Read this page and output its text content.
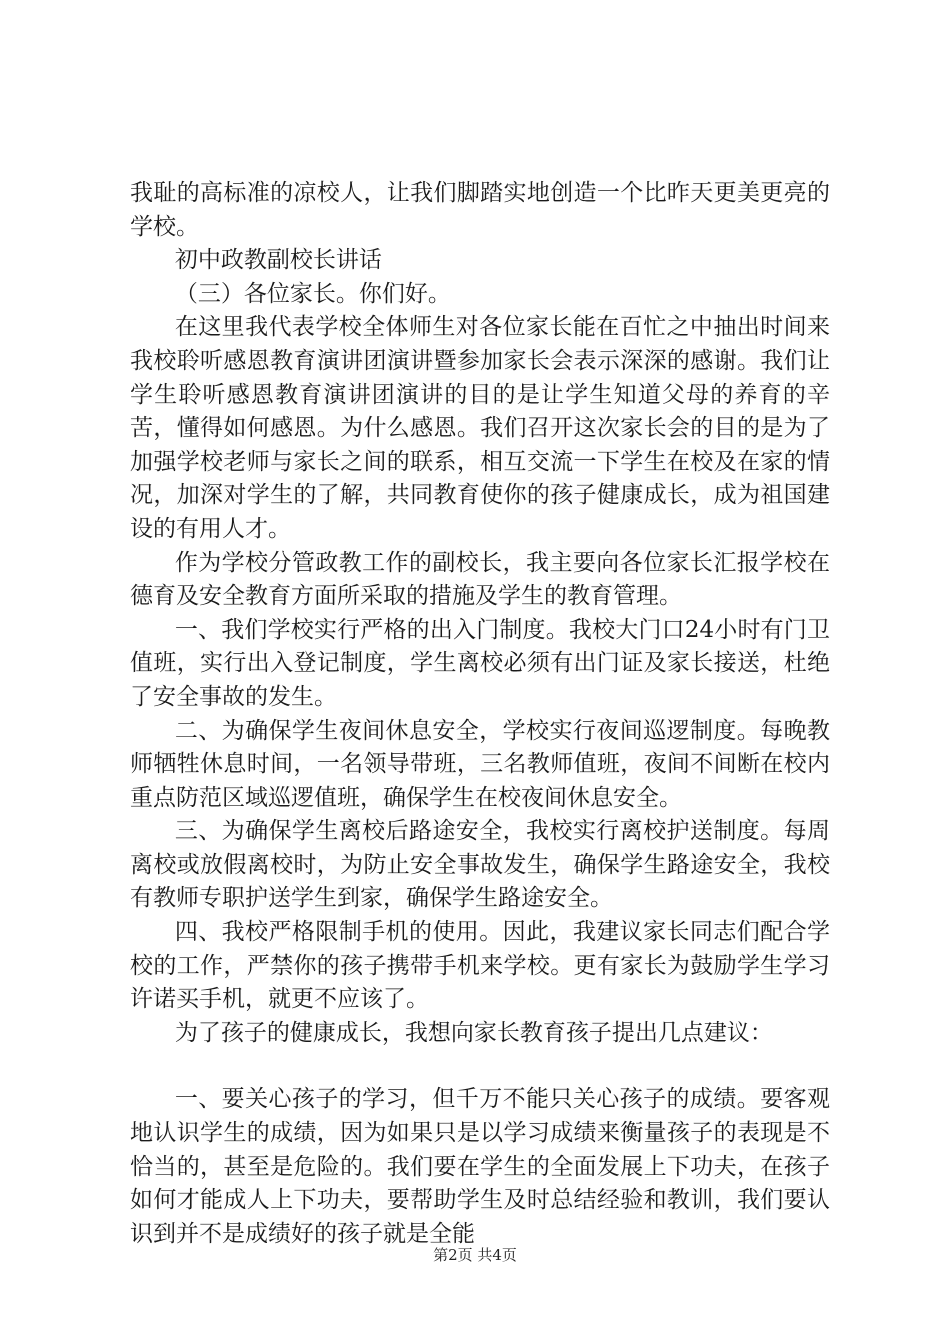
我耻的高标准的凉校人，让我们脚踏实地创造一个比昨天更美更亮的学校。

初中政教副校长讲话

（三）各位家长。你们好。

在这里我代表学校全体师生对各位家长能在百忙之中抽出时间来我校聆听感恩教育演讲团演讲暨参加家长会表示深深的感谢。我们让学生聆听感恩教育演讲团演讲的目的是让学生知道父母的养育的辛苦，懂得如何感恩。为什么感恩。我们召开这次家长会的目的是为了加强学校老师与家长之间的联系，相互交流一下学生在校及在家的情况，加深对学生的了解，共同教育使你的孩子健康成长，成为祖国建设的有用人才。

作为学校分管政教工作的副校长，我主要向各位家长汇报学校在德育及安全教育方面所采取的措施及学生的教育管理。

一、我们学校实行严格的出入门制度。我校大门口24小时有门卫值班，实行出入登记制度，学生离校必须有出门证及家长接送，杜绝了安全事故的发生。

二、为确保学生夜间休息安全，学校实行夜间巡逻制度。每晚教师牺牲休息时间，一名领导带班，三名教师值班，夜间不间断在校内重点防范区域巡逻值班，确保学生在校夜间休息安全。

三、为确保学生离校后路途安全，我校实行离校护送制度。每周离校或放假离校时，为防止安全事故发生，确保学生路途安全，我校有教师专职护送学生到家，确保学生路途安全。

四、我校严格限制手机的使用。因此，我建议家长同志们配合学校的工作，严禁你的孩子携带手机来学校。更有家长为鼓励学生学习许诺买手机，就更不应该了。

为了孩子的健康成长，我想向家长教育孩子提出几点建议：

一、要关心孩子的学习，但千万不能只关心孩子的成绩。要客观地认识学生的成绩，因为如果只是以学习成绩来衡量孩子的表现是不恰当的，甚至是危险的。我们要在学生的全面发展上下功夫，在孩子如何才能成人上下功夫，要帮助学生及时总结经验和教训，我们要认识到并不是成绩好的孩子就是全能

第2页 共4页
